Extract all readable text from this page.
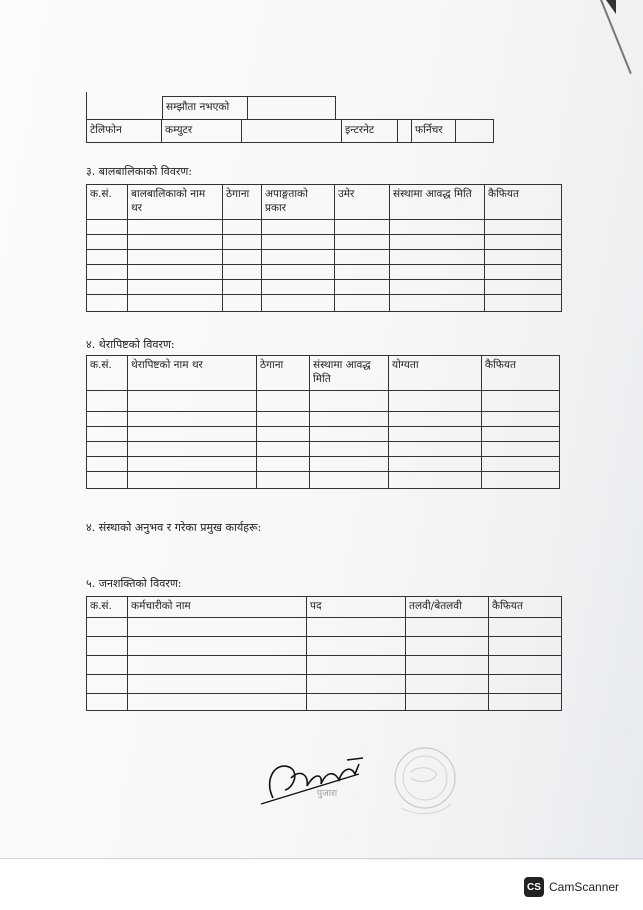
सम्झौता नभएको
टेलिफोन	कम्युटर	इन्टरनेट	फर्निचर
३. बालबालिकाको विवरण:
क.सं.	बालबालिकाको नाम थर	ठेगाना	अपाङ्गताको प्रकार	उमेर	संस्थामा आवद्ध मिति	कैफियत

४. थेरापिष्टको विवरण:
क.सं.	थेरापिष्टको नाम थर	ठेगाना	संस्थामा आवद्ध मिति	योग्यता	कैफियत

४. संस्थाको अनुभव र गरेका प्रमुख कार्यहरू:
५. जनशक्तिको विवरण:
क.सं.	कर्मचारीको नाम	पद	तलवी/बेतलवी	कैफियत

पुजारा
CS CamScanner
